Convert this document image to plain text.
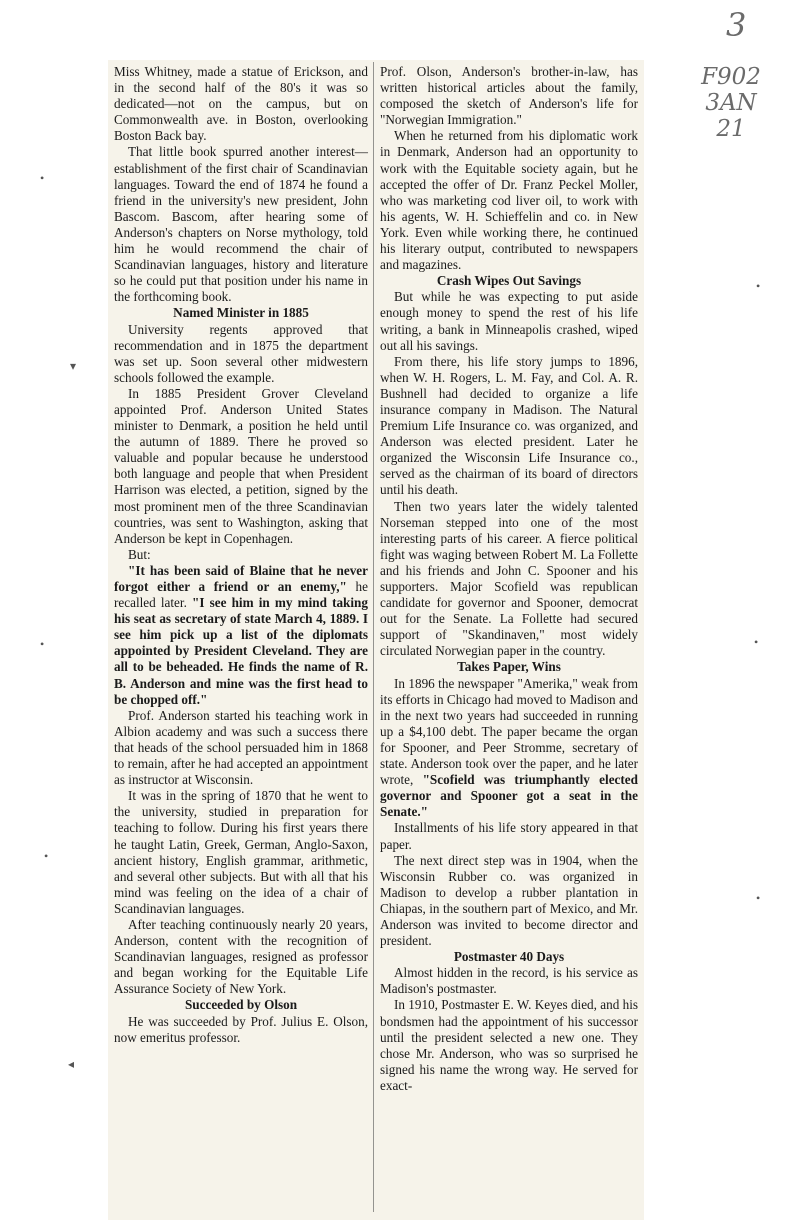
3
F902
3AN
21
•
▾
•
•
◂
•
•
•

Miss Whitney, made a statue of Erickson, and in the second half of the 80's it was so dedicated—not on the campus, but on Commonwealth ave. in Boston, overlooking Boston Back bay.

That little book spurred another interest—establishment of the first chair of Scandinavian languages. Toward the end of 1874 he found a friend in the university's new president, John Bascom. Bascom, after hearing some of Anderson's chapters on Norse mythology, told him he would recommend the chair of Scandinavian languages, history and literature so he could put that position under his name in the forthcoming book.

Named Minister in 1885

University regents approved that recommendation and in 1875 the department was set up. Soon several other midwestern schools followed the example.

In 1885 President Grover Cleveland appointed Prof. Anderson United States minister to Denmark, a position he held until the autumn of 1889. There he proved so valuable and popular because he understood both language and people that when President Harrison was elected, a petition, signed by the most prominent men of the three Scandinavian countries, was sent to Washington, asking that Anderson be kept in Copenhagen.

But:

"It has been said of Blaine that he never forgot either a friend or an enemy," he recalled later. "I see him in my mind taking his seat as secretary of state March 4, 1889. I see him pick up a list of the diplomats appointed by President Cleveland. They are all to be beheaded. He finds the name of R. B. Anderson and mine was the first head to be chopped off."

Prof. Anderson started his teaching work in Albion academy and was such a success there that heads of the school persuaded him in 1868 to remain, after he had accepted an appointment as instructor at Wisconsin.

It was in the spring of 1870 that he went to the university, studied in preparation for teaching to follow. During his first years there he taught Latin, Greek, German, Anglo-Saxon, ancient history, English grammar, arithmetic, and several other subjects. But with all that his mind was feeling on the idea of a chair of Scandinavian languages.

After teaching continuously nearly 20 years, Anderson, content with the recognition of Scandinavian languages, resigned as professor and began working for the Equitable Life Assurance Society of New York.

Succeeded by Olson

He was succeeded by Prof. Julius E. Olson, now emeritus professor.

Prof. Olson, Anderson's brother-in-law, has written historical articles about the family, composed the sketch of Anderson's life for "Norwegian Immigration."

When he returned from his diplomatic work in Denmark, Anderson had an opportunity to work with the Equitable society again, but he accepted the offer of Dr. Franz Peckel Moller, who was marketing cod liver oil, to work with his agents, W. H. Schieffelin and co. in New York. Even while working there, he continued his literary output, contributed to newspapers and magazines.

Crash Wipes Out Savings

But while he was expecting to put aside enough money to spend the rest of his life writing, a bank in Minneapolis crashed, wiped out all his savings.

From there, his life story jumps to 1896, when W. H. Rogers, L. M. Fay, and Col. A. R. Bushnell had decided to organize a life insurance company in Madison. The Natural Premium Life Insurance co. was organized, and Anderson was elected president. Later he organized the Wisconsin Life Insurance co., served as the chairman of its board of directors until his death.

Then two years later the widely talented Norseman stepped into one of the most interesting parts of his career. A fierce political fight was waging between Robert M. La Follette and his friends and John C. Spooner and his supporters. Major Scofield was republican candidate for governor and Spooner, democrat out for the Senate. La Follette had secured support of "Skandinaven," most widely circulated Norwegian paper in the country.

Takes Paper, Wins

In 1896 the newspaper "Amerika," weak from its efforts in Chicago had moved to Madison and in the next two years had succeeded in running up a $4,100 debt. The paper became the organ for Spooner, and Peer Stromme, secretary of state. Anderson took over the paper, and he later wrote, "Scofield was triumphantly elected governor and Spooner got a seat in the Senate."

Installments of his life story appeared in that paper.

The next direct step was in 1904, when the Wisconsin Rubber co. was organized in Madison to develop a rubber plantation in Chiapas, in the southern part of Mexico, and Mr. Anderson was invited to become director and president.

Postmaster 40 Days

Almost hidden in the record, is his service as Madison's postmaster.

In 1910, Postmaster E. W. Keyes died, and his bondsmen had the appointment of his successor until the president selected a new one. They chose Mr. Anderson, who was so surprised he signed his name the wrong way. He served for exact-
